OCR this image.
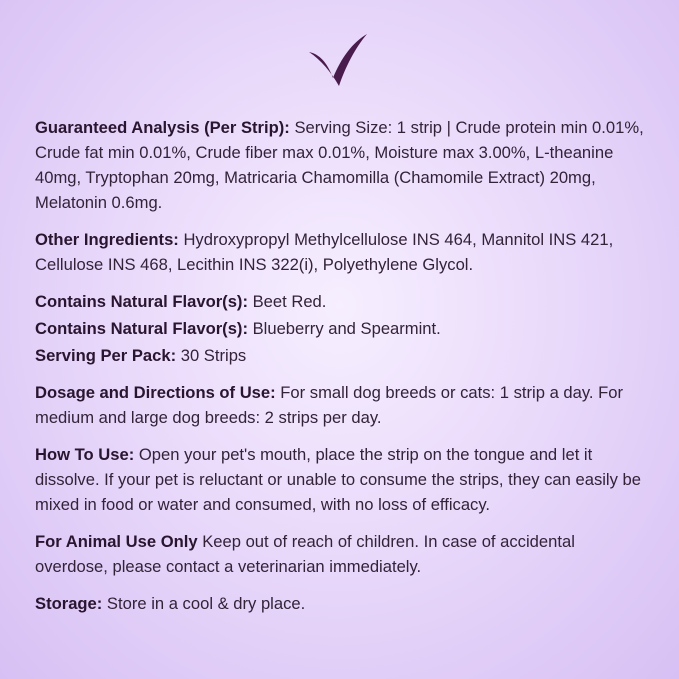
Guaranteed Analysis (Per Strip): Serving Size: 1 strip | Crude protein min 0.01%, Crude fat min 0.01%, Crude fiber max 0.01%, Moisture max 3.00%, L-theanine 40mg, Tryptophan 20mg, Matricaria Chamomilla (Chamomile Extract) 20mg, Melatonin 0.6mg.

Other Ingredients: Hydroxypropyl Methylcellulose INS 464, Mannitol INS 421, Cellulose INS 468, Lecithin INS 322(i), Polyethylene Glycol.

Contains Natural Flavor(s): Beet Red.

Contains Natural Flavor(s): Blueberry and Spearmint.

Serving Per Pack: 30 Strips

Dosage and Directions of Use: For small dog breeds or cats: 1 strip a day. For medium and large dog breeds: 2 strips per day.

How To Use: Open your pet's mouth, place the strip on the tongue and let it dissolve. If your pet is reluctant or unable to consume the strips, they can easily be mixed in food or water and consumed, with no loss of efficacy.

For Animal Use Only Keep out of reach of children. In case of accidental overdose, please contact a veterinarian immediately.

Storage: Store in a cool & dry place.
